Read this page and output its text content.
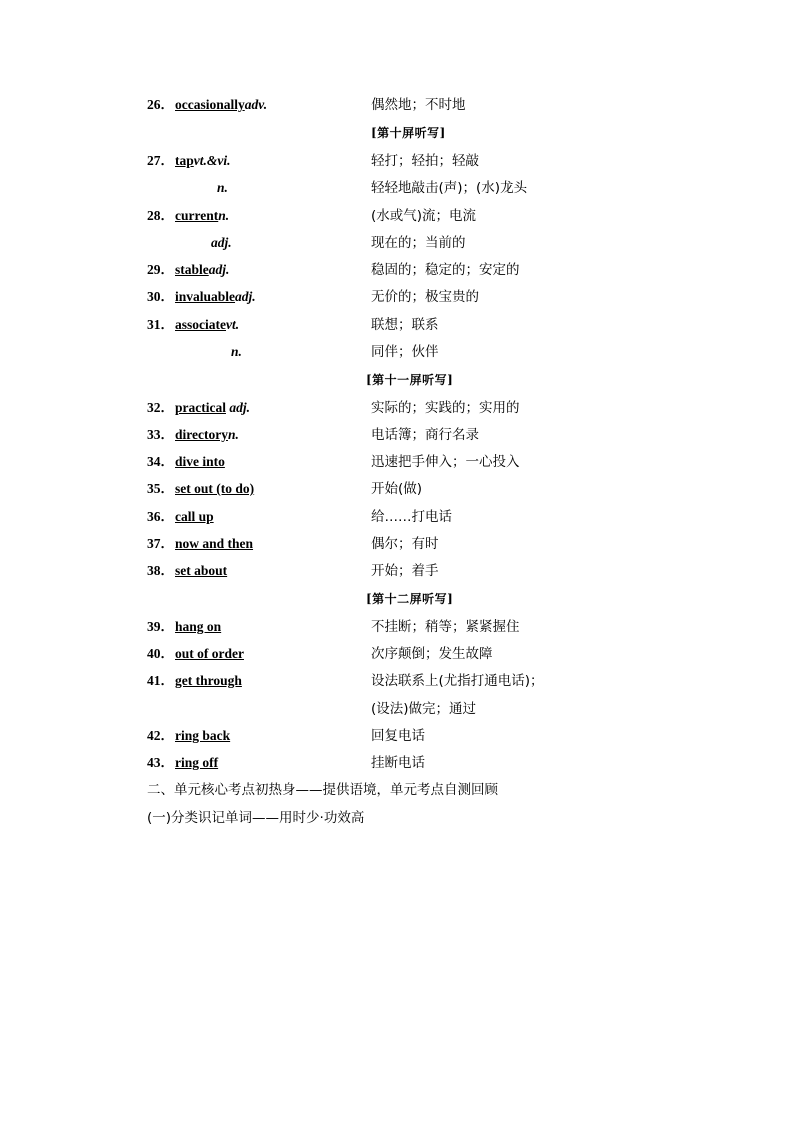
26． occasionallyadv.	偶然地；不时地
[第十屏听写]
27． tapvt.&vi.	轻打；轻拍；轻敲
n.	轻轻地敲击(声)；(水)龙头
28． currentn.	(水或气)流；电流
adj.	现在的；当前的
29． stableadj.	稳固的；稳定的；安定的
30． invaluableadj.	无价的；极宝贵的
31． associatevt.	联想；联系
n.	同伴；伙伴
[第十一屏听写]
32． practical adj.	实际的；实践的；实用的
33． directoryn.	电话簿；商行名录
34． dive into	迅速把手伸入；一心投入
35． set out (to do)	开始(做)
36． call up	给……打电话
37． now and then	偶尔；有时
38． set about	开始；着手
[第十二屏听写]
39． hang on	不挂断；稍等；紧紧握住
40． out of order	次序颠倒；发生故障
41． get through	设法联系上(尤指打通电话)；
(设法)做完；通过
42． ring back	回复电话
43． ring off	挂断电话
二、单元核心考点初热身——提供语境，单元考点自测回顾
(一)分类识记单词——用时少·功效高
